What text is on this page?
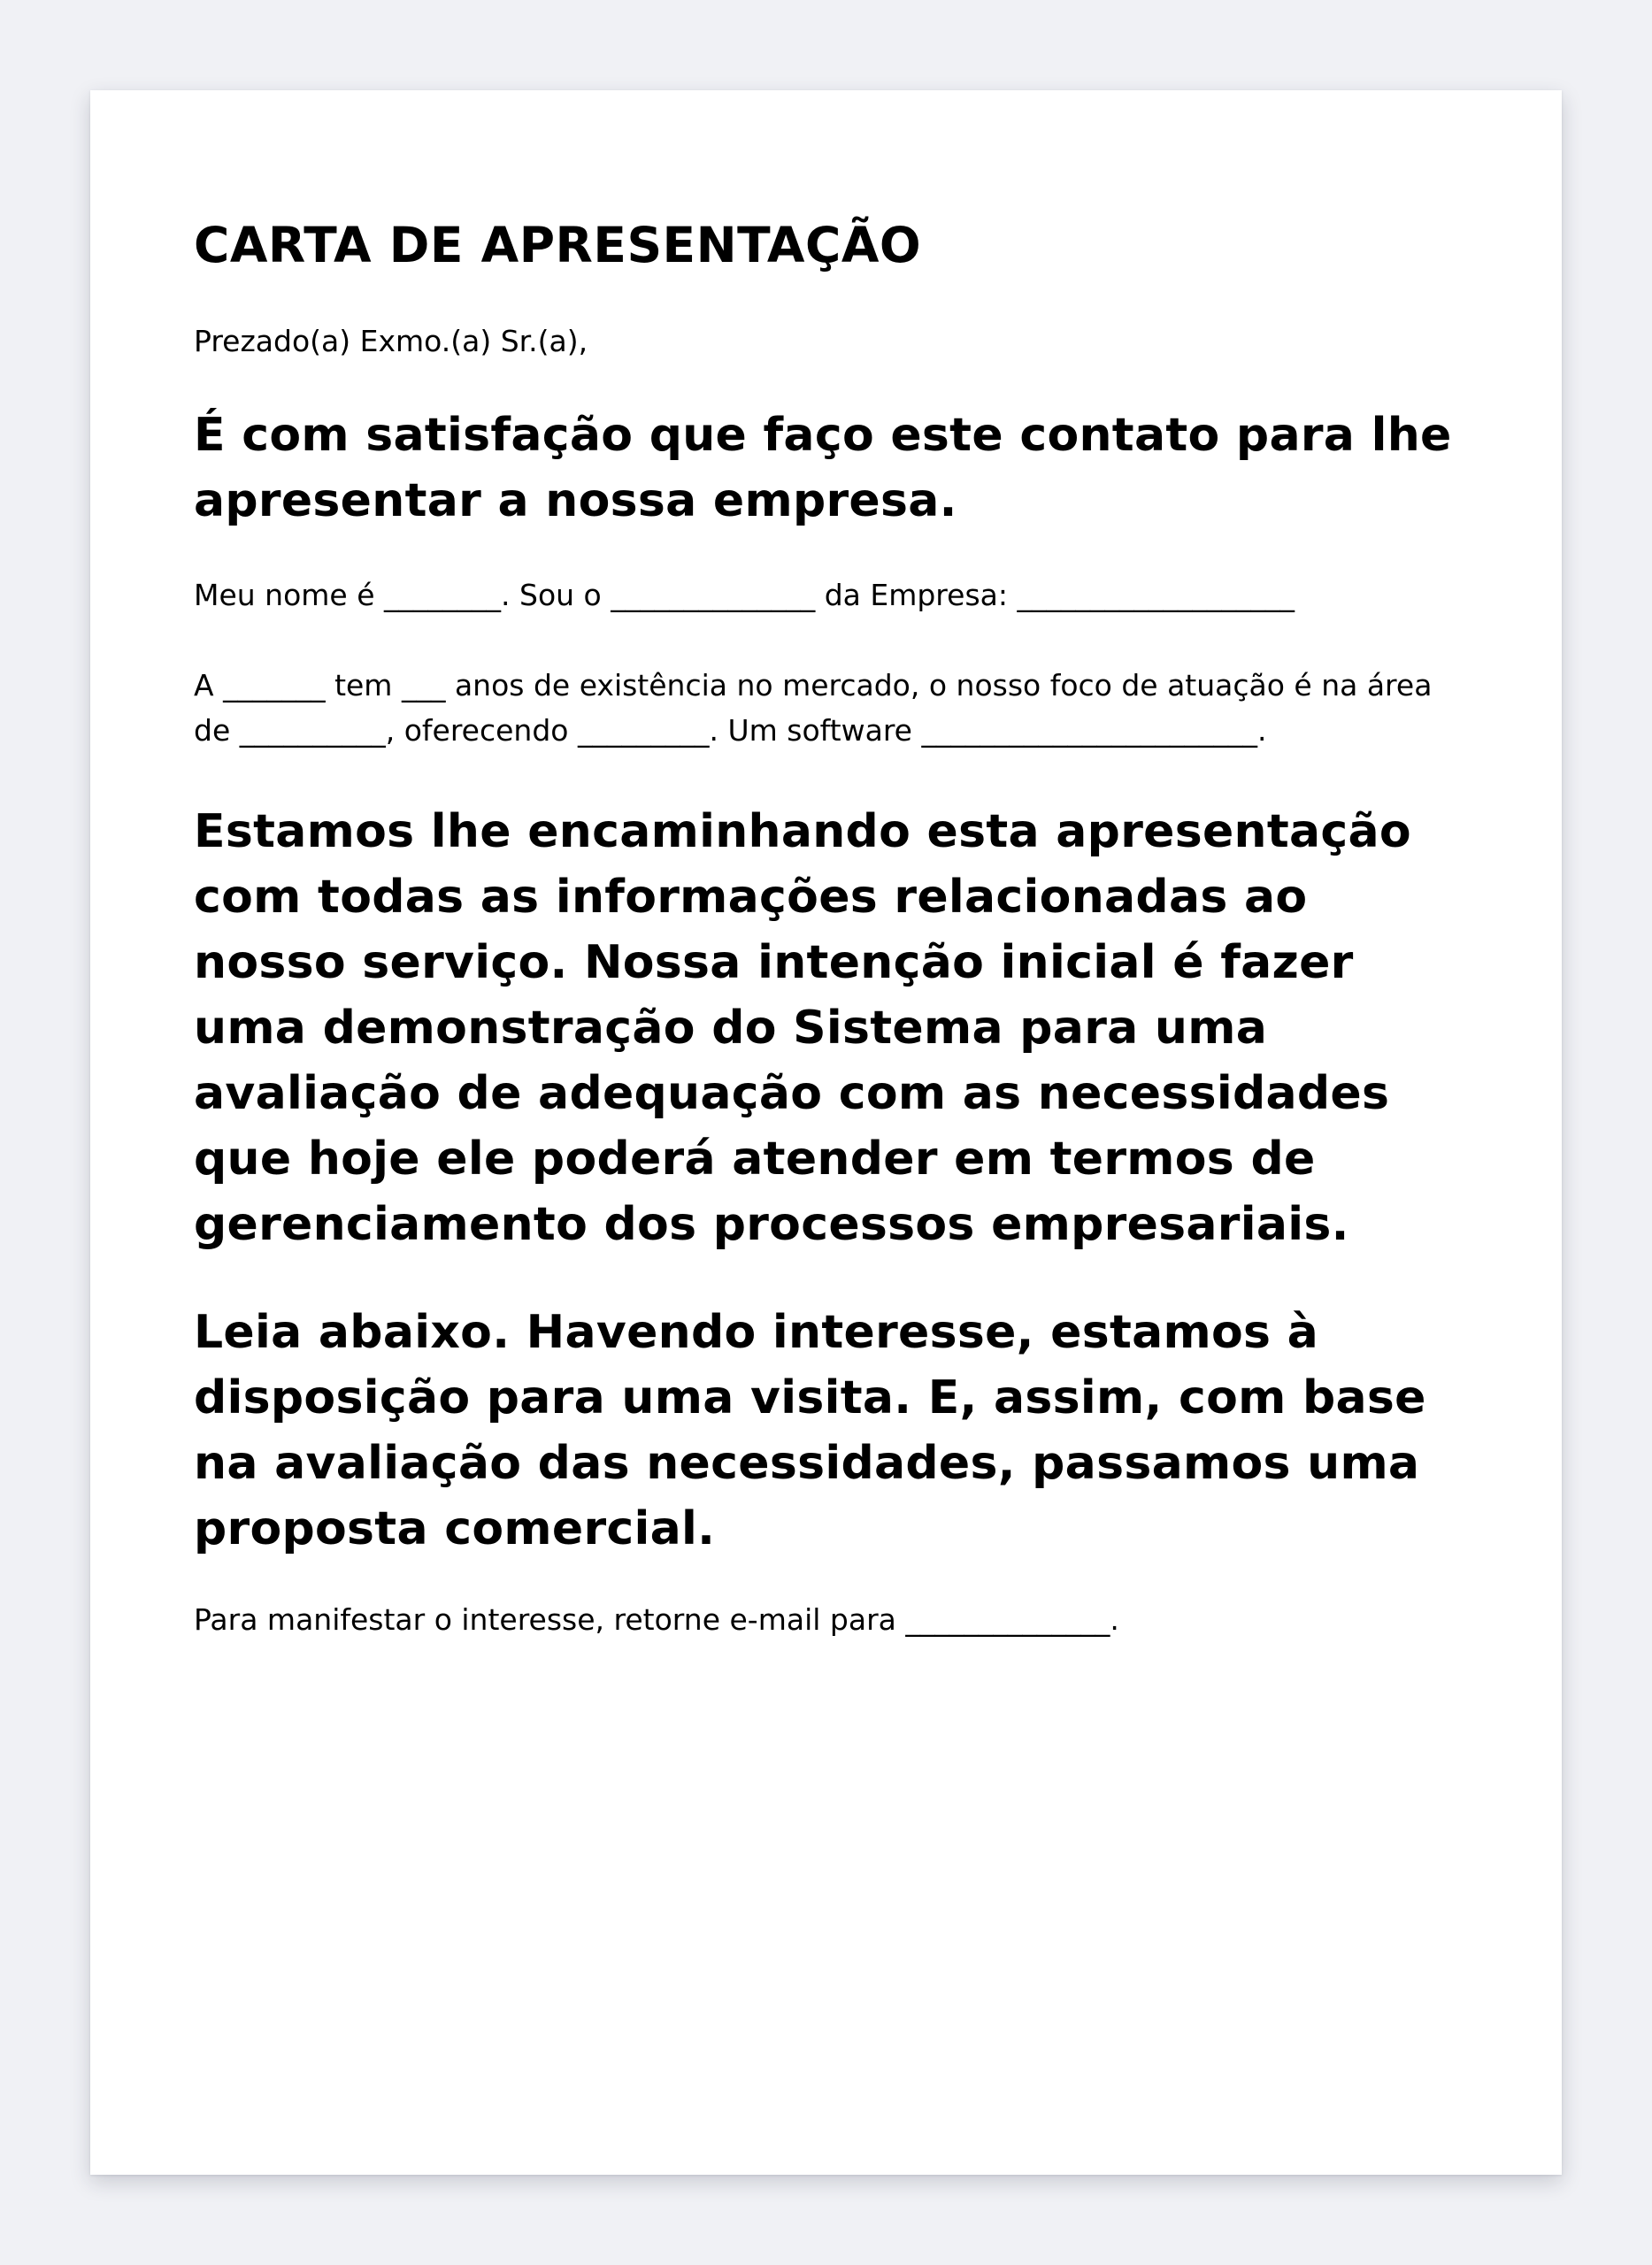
CARTA DE APRESENTAÇÃO

Prezado(a) Exmo.(a) Sr.(a),

É com satisfação que faço este contato para lhe apresentar a nossa empresa.

Meu nome é ________. Sou o ______________ da Empresa: ___________________

A _______ tem ___ anos de existência no mercado, o nosso foco de atuação é na área de __________, oferecendo _________. Um software _______________________.

Estamos lhe encaminhando esta apresentação com todas as informações relacionadas ao nosso serviço. Nossa intenção inicial é fazer uma demonstração do Sistema para uma avaliação de adequação com as necessidades que hoje ele poderá atender em termos de gerenciamento dos processos empresariais.

Leia abaixo. Havendo interesse, estamos à disposição para uma visita. E, assim, com base na avaliação das necessidades, passamos uma proposta comercial.

Para manifestar o interesse, retorne e-mail para ______________.
